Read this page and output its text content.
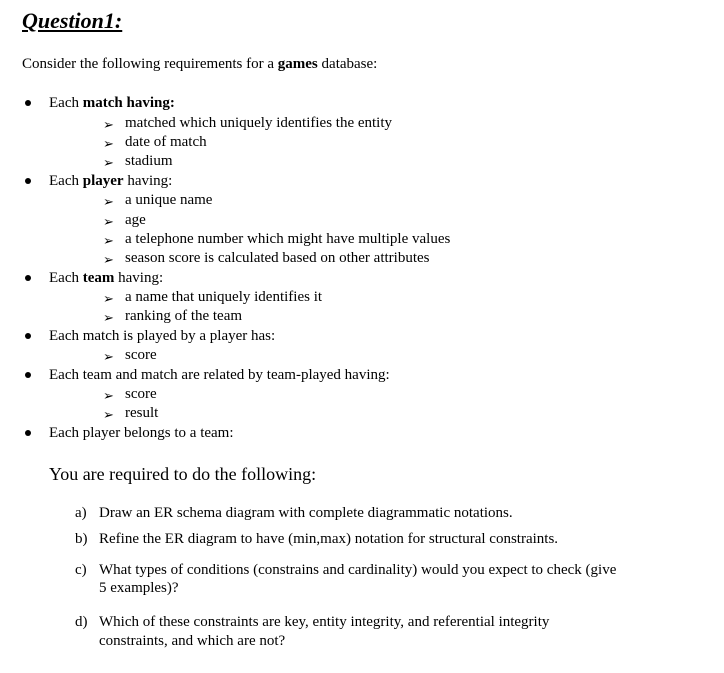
Question1:
Consider the following requirements for a games database:
Each match having:
➢ matched which uniquely identifies the entity
➢ date of match
➢ stadium
Each player having:
➢ a unique name
➢ age
➢ a telephone number which might have multiple values
➢ season score is calculated based on other attributes
Each team having:
➢ a name that uniquely identifies it
➢ ranking of the team
Each match is played by a player has:
➢ score
Each team and match are related by team-played having:
➢ score
➢ result
Each player belongs to a team:
You are required to do the following:
a) Draw an ER schema diagram with complete diagrammatic notations.
b) Refine the ER diagram to have (min,max) notation for structural constraints.
c) What types of conditions (constrains and cardinality) would you expect to check (give
5 examples)?
d) Which of these constraints are key, entity integrity, and referential integrity
constraints, and which are not?
